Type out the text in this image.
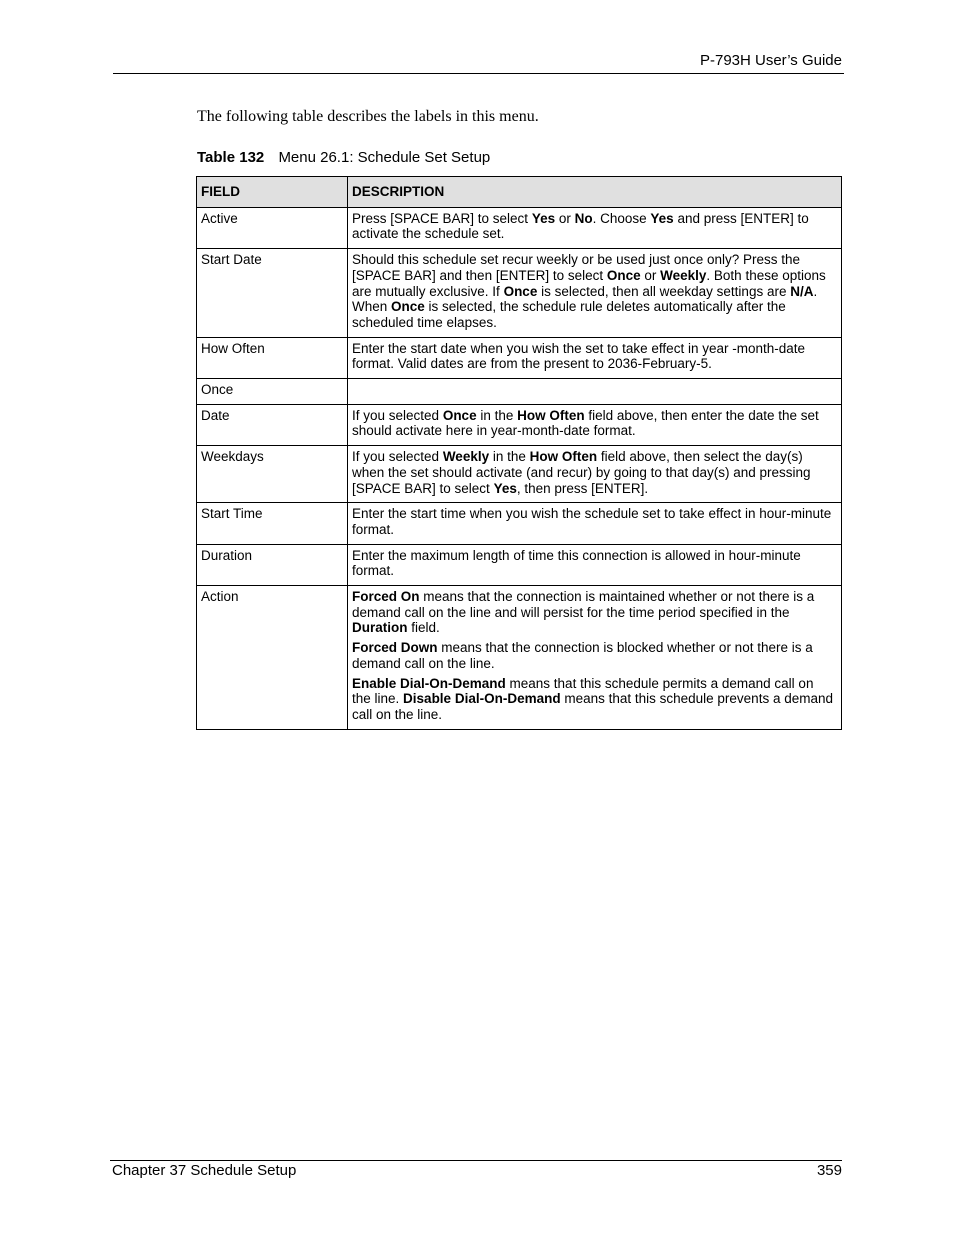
P-793H User’s Guide
The following table describes the labels in this menu.
Table 132 Menu 26.1: Schedule Set Setup
FIELD	DESCRIPTION
Active	Press [SPACE BAR] to select Yes or No. Choose Yes and press [ENTER] to activate the schedule set.

Start Date	Should this schedule set recur weekly or be used just once only? Press the [SPACE BAR] and then [ENTER] to select Once or Weekly. Both these options are mutually exclusive. If Once is selected, then all weekday settings are N/A. When Once is selected, the schedule rule deletes automatically after the scheduled time elapses.

How Often	Enter the start date when you wish the set to take effect in year -month-date format. Valid dates are from the present to 2036-February-5.

Once	
Date	If you selected Once in the How Often field above, then enter the date the set should activate here in year-month-date format.

Weekdays	If you selected Weekly in the How Often field above, then select the day(s) when the set should activate (and recur) by going to that day(s) and pressing [SPACE BAR] to select Yes, then press [ENTER].

Start Time	Enter the start time when you wish the schedule set to take effect in hour-minute format.

Duration	Enter the maximum length of time this connection is allowed in hour-minute format.

Action	Forced On means that the connection is maintained whether or not there is a demand call on the line and will persist for the time period specified in the Duration field.
Forced Down means that the connection is blocked whether or not there is a demand call on the line.
Enable Dial-On-Demand means that this schedule permits a demand call on the line. Disable Dial-On-Demand means that this schedule prevents a demand call on the line.
Chapter 37 Schedule Setup	359
